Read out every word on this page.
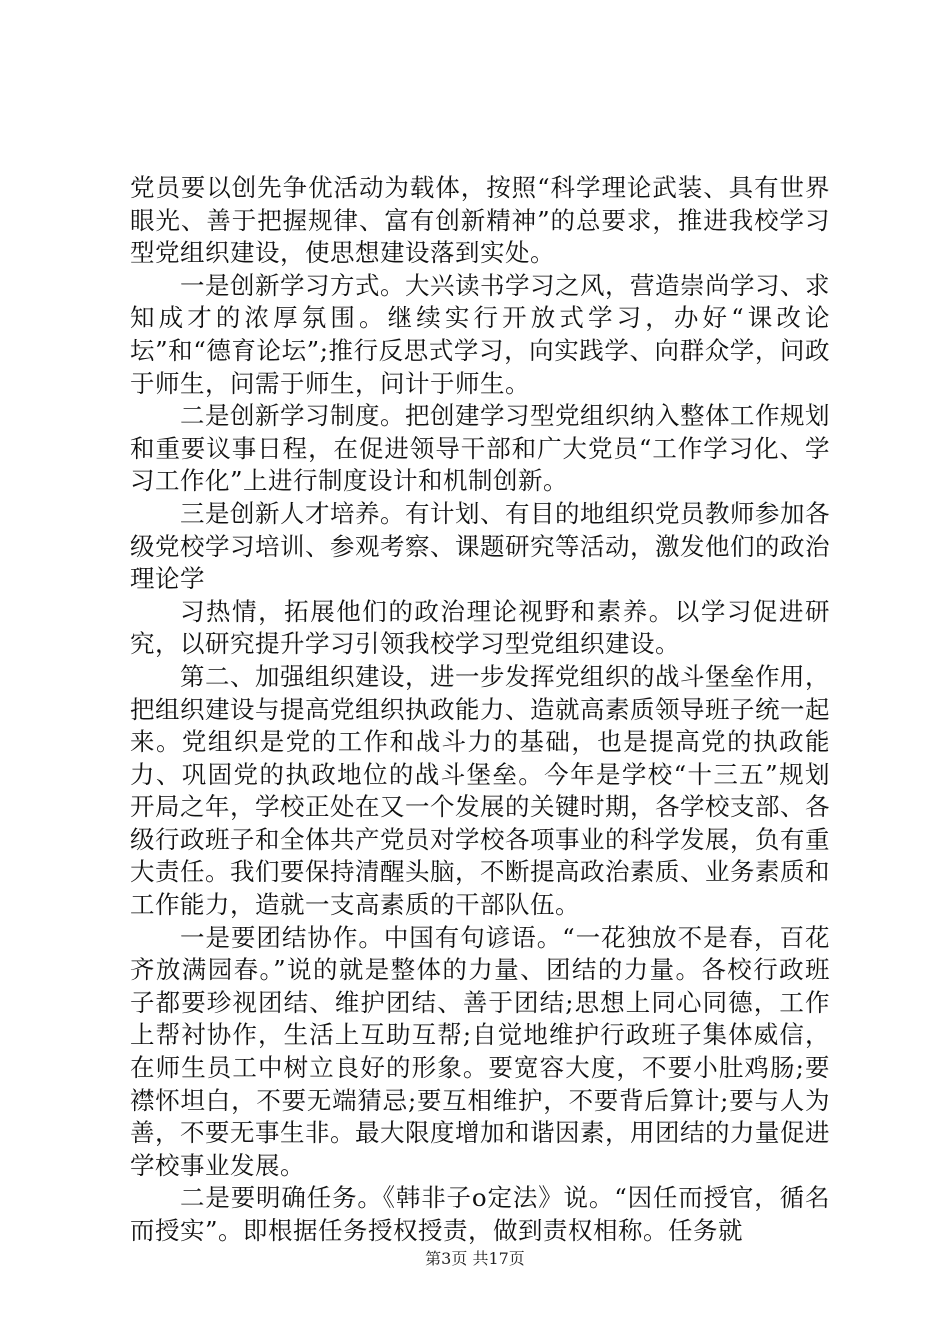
党员要以创先争优活动为载体，按照“科学理论武装、具有世界眼光、善于把握规律、富有创新精神”的总要求，推进我校学习型党组织建设，使思想建设落到实处。

一是创新学习方式。大兴读书学习之风，营造崇尚学习、求知成才的浓厚氛围。继续实行开放式学习，办好“课改论坛”和“德育论坛”;推行反思式学习，向实践学、向群众学，问政于师生，问需于师生，问计于师生。

二是创新学习制度。把创建学习型党组织纳入整体工作规划和重要议事日程，在促进领导干部和广大党员“工作学习化、学习工作化”上进行制度设计和机制创新。

三是创新人才培养。有计划、有目的地组织党员教师参加各级党校学习培训、参观考察、课题研究等活动，激发他们的政治理论学

习热情，拓展他们的政治理论视野和素养。以学习促进研究，以研究提升学习引领我校学习型党组织建设。

第二、加强组织建设，进一步发挥党组织的战斗堡垒作用，把组织建设与提高党组织执政能力、造就高素质领导班子统一起来。党组织是党的工作和战斗力的基础，也是提高党的执政能力、巩固党的执政地位的战斗堡垒。今年是学校“十三五”规划开局之年，学校正处在又一个发展的关键时期，各学校支部、各级行政班子和全体共产党员对学校各项事业的科学发展，负有重大责任。我们要保持清醒头脑，不断提高政治素质、业务素质和工作能力，造就一支高素质的干部队伍。

一是要团结协作。中国有句谚语。“一花独放不是春，百花齐放满园春。”说的就是整体的力量、团结的力量。各校行政班子都要珍视团结、维护团结、善于团结;思想上同心同德，工作上帮衬协作，生活上互助互帮;自觉地维护行政班子集体威信，在师生员工中树立良好的形象。要宽容大度，不要小肚鸡肠;要襟怀坦白，不要无端猜忌;要互相维护，不要背后算计;要与人为善，不要无事生非。最大限度增加和谐因素，用团结的力量促进学校事业发展。

二是要明确任务。《韩非子ο定法》说。“因任而授官，循名而授实”。即根据任务授权授责，做到责权相称。任务就

第3页 共17页
